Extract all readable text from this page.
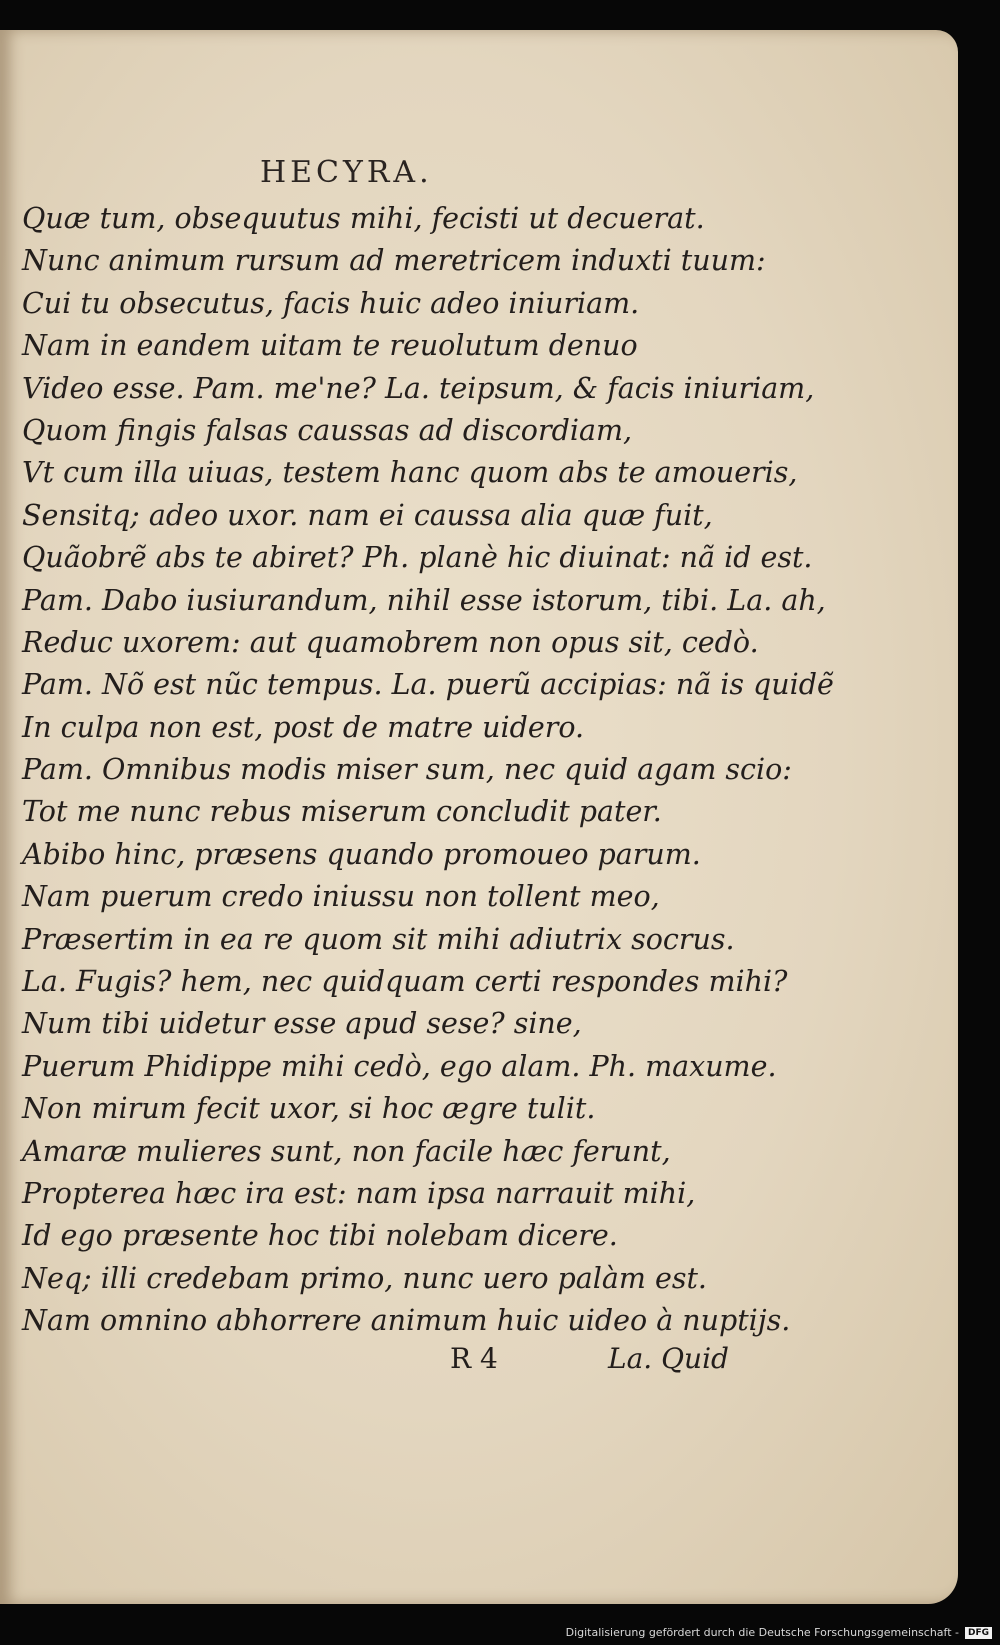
HECYRA.
Quæ tum, obsequutus mihi, fecisti ut decuerat.
Nunc animum rursum ad meretricem induxti tuum:
Cui tu obsecutus, facis huic adeo iniuriam.
Nam in eandem uitam te reuolutum denuo
Video esse. Pam. me'ne? La. teipsum, & facis iniuriam,
Quom fingis falsas caussas ad discordiam,
Vt cum illa uiuas, testem hanc quom abs te amoueris,
Sensitq; adeo uxor. nam ei caussa alia quæ fuit,
Quãobrẽ abs te abiret? Ph. planè hic diuinat: nã id est.
Pam. Dabo iusiurandum, nihil esse istorum, tibi. La. ah,
Reduc uxorem: aut quamobrem non opus sit, cedò.
Pam. Nõ est nũc tempus. La. puerũ accipias: nã is quidẽ
In culpa non est, post de matre uidero.
Pam. Omnibus modis miser sum, nec quid agam scio:
Tot me nunc rebus miserum concludit pater.
Abibo hinc, præsens quando promoueo parum.
Nam puerum credo iniussu non tollent meo,
Præsertim in ea re quom sit mihi adiutrix socrus.
La. Fugis? hem, nec quidquam certi respondes mihi?
Num tibi uidetur esse apud sese? sine,
Puerum Phidippe mihi cedò, ego alam. Ph. maxume.
Non mirum fecit uxor, si hoc ægre tulit.
Amaræ mulieres sunt, non facile hæc ferunt,
Propterea hæc ira est: nam ipsa narrauit mihi,
Id ego præsente hoc tibi nolebam dicere.
Neq; illi credebam primo, nunc uero palàm est.
Nam omnino abhorrere animum huic uideo à nuptijs.
R 4	La. Quid
Digitalisierung gefördert durch die Deutsche Forschungsgemeinschaft -	DFG
